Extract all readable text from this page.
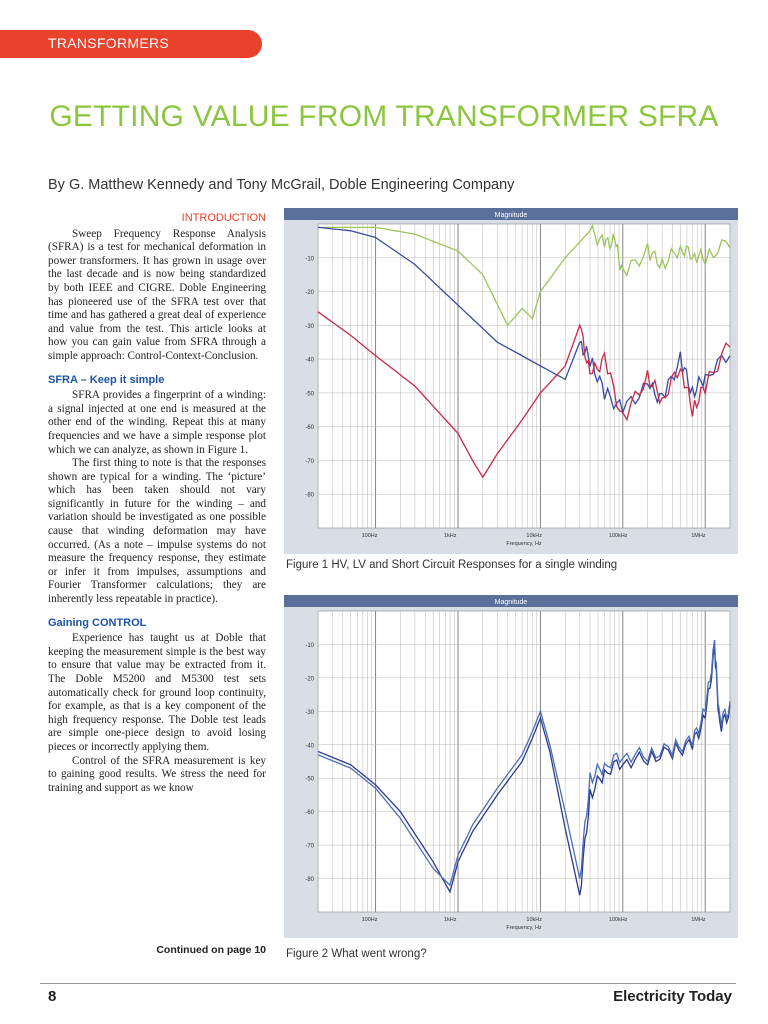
TRANSFORMERS
GETTING VALUE FROM TRANSFORMER SFRA
By G. Matthew Kennedy and Tony McGrail, Doble Engineering Company
INTRODUCTION

Sweep Frequency Response Analysis (SFRA) is a test for mechanical deformation in power transformers. It has grown in usage over the last decade and is now being standardized by both IEEE and CIGRE. Doble Engineering has pioneered use of the SFRA test over that time and has gathered a great deal of experience and value from the test. This article looks at how you can gain value from SFRA through a simple approach: Control-Context-Conclusion.

SFRA – Keep it simple

SFRA provides a fingerprint of a winding: a signal injected at one end is measured at the other end of the winding. Repeat this at many frequencies and we have a simple response plot which we can analyze, as shown in Figure 1.

The first thing to note is that the responses shown are typical for a winding. The ‘picture’ which has been taken should not vary significantly in future for the winding – and variation should be investigated as one possible cause that winding deformation may have occurred. (As a note – impulse systems do not measure the frequency response, they estimate or infer it from impulses, assumptions and Fourier Transformer calculations; they are inherently less repeatable in practice).

Gaining CONTROL

Experience has taught us at Doble that keeping the measurement simple is the best way to ensure that value may be extracted from it. The Doble M5200 and M5300 test sets automatically check for ground loop continuity, for example, as that is a key component of the high frequency response. The Doble test leads are simple one-piece design to avoid losing pieces or incorrectly applying them.

Control of the SFRA measurement is key to gaining good results. We stress the need for training and support as we know

Continued on page 10
Magnitude
-10
-20
-30
-40
-50
-60
-70
-80
100Hz	1kHz	10kHz	100kHz	1MHz
Frequency, Hz
Figure 1 HV, LV and Short Circuit Responses for a single winding
Magnitude
-10
-20
-30
-40
-50
-60
-70
-80
100Hz	1kHz	10kHz	100kHz	1MHz
Frequency, Hz
Figure 2 What went wrong?
8	Electricity Today
